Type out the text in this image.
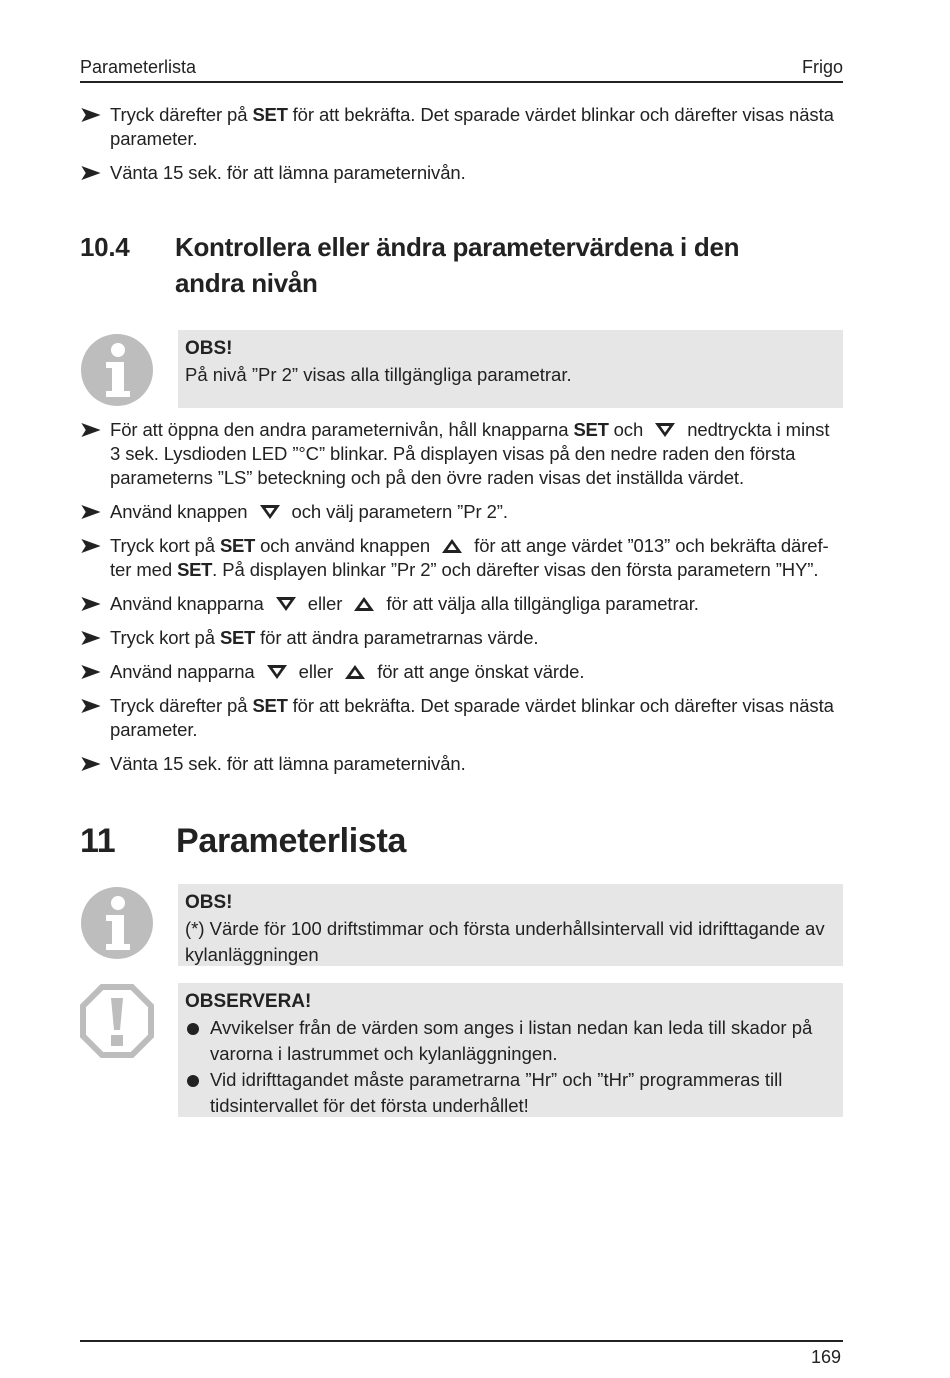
Parameterlista	Frigo
Tryck därefter på SET för att bekräfta. Det sparade värdet blinkar och därefter visas nästa parameter.
Vänta 15 sek. för att lämna parameternivån.
10.4 Kontrollera eller ändra parametervärdena i den andra nivån
OBS!
På nivå ”Pr 2” visas alla tillgängliga parametrar.
För att öppna den andra parameternivån, håll knapparna SET och  nedtryckta i minst 3 sek. Lysdioden LED ”°C” blinkar. På displayen visas på den nedre raden den första parameterns ”LS” beteckning och på den övre raden visas det inställda värdet.
Använd knappen  och välj parametern ”Pr 2”.
Tryck kort på SET och använd knappen  för att ange värdet ”013” och bekräfta däref-ter med SET. På displayen blinkar ”Pr 2” och därefter visas den första parametern ”HY”.
Använd knapparna  eller  för att välja alla tillgängliga parametrar.
Tryck kort på SET för att ändra parametrarnas värde.
Använd napparna  eller  för att ange önskat värde.
Tryck därefter på SET för att bekräfta. Det sparade värdet blinkar och därefter visas nästa parameter.
Vänta 15 sek. för att lämna parameternivån.
11 Parameterlista
OBS!
(*) Värde för 100 driftstimmar och första underhållsintervall vid idrifttagande av kylanläggningen
OBSERVERA!
Avvikelser från de värden som anges i listan nedan kan leda till skador på varorna i lastrummet och kylanläggningen.
Vid idrifttagandet måste parametrarna ”Hr” och ”tHr” programmeras till tidsintervallet för det första underhållet!
169
